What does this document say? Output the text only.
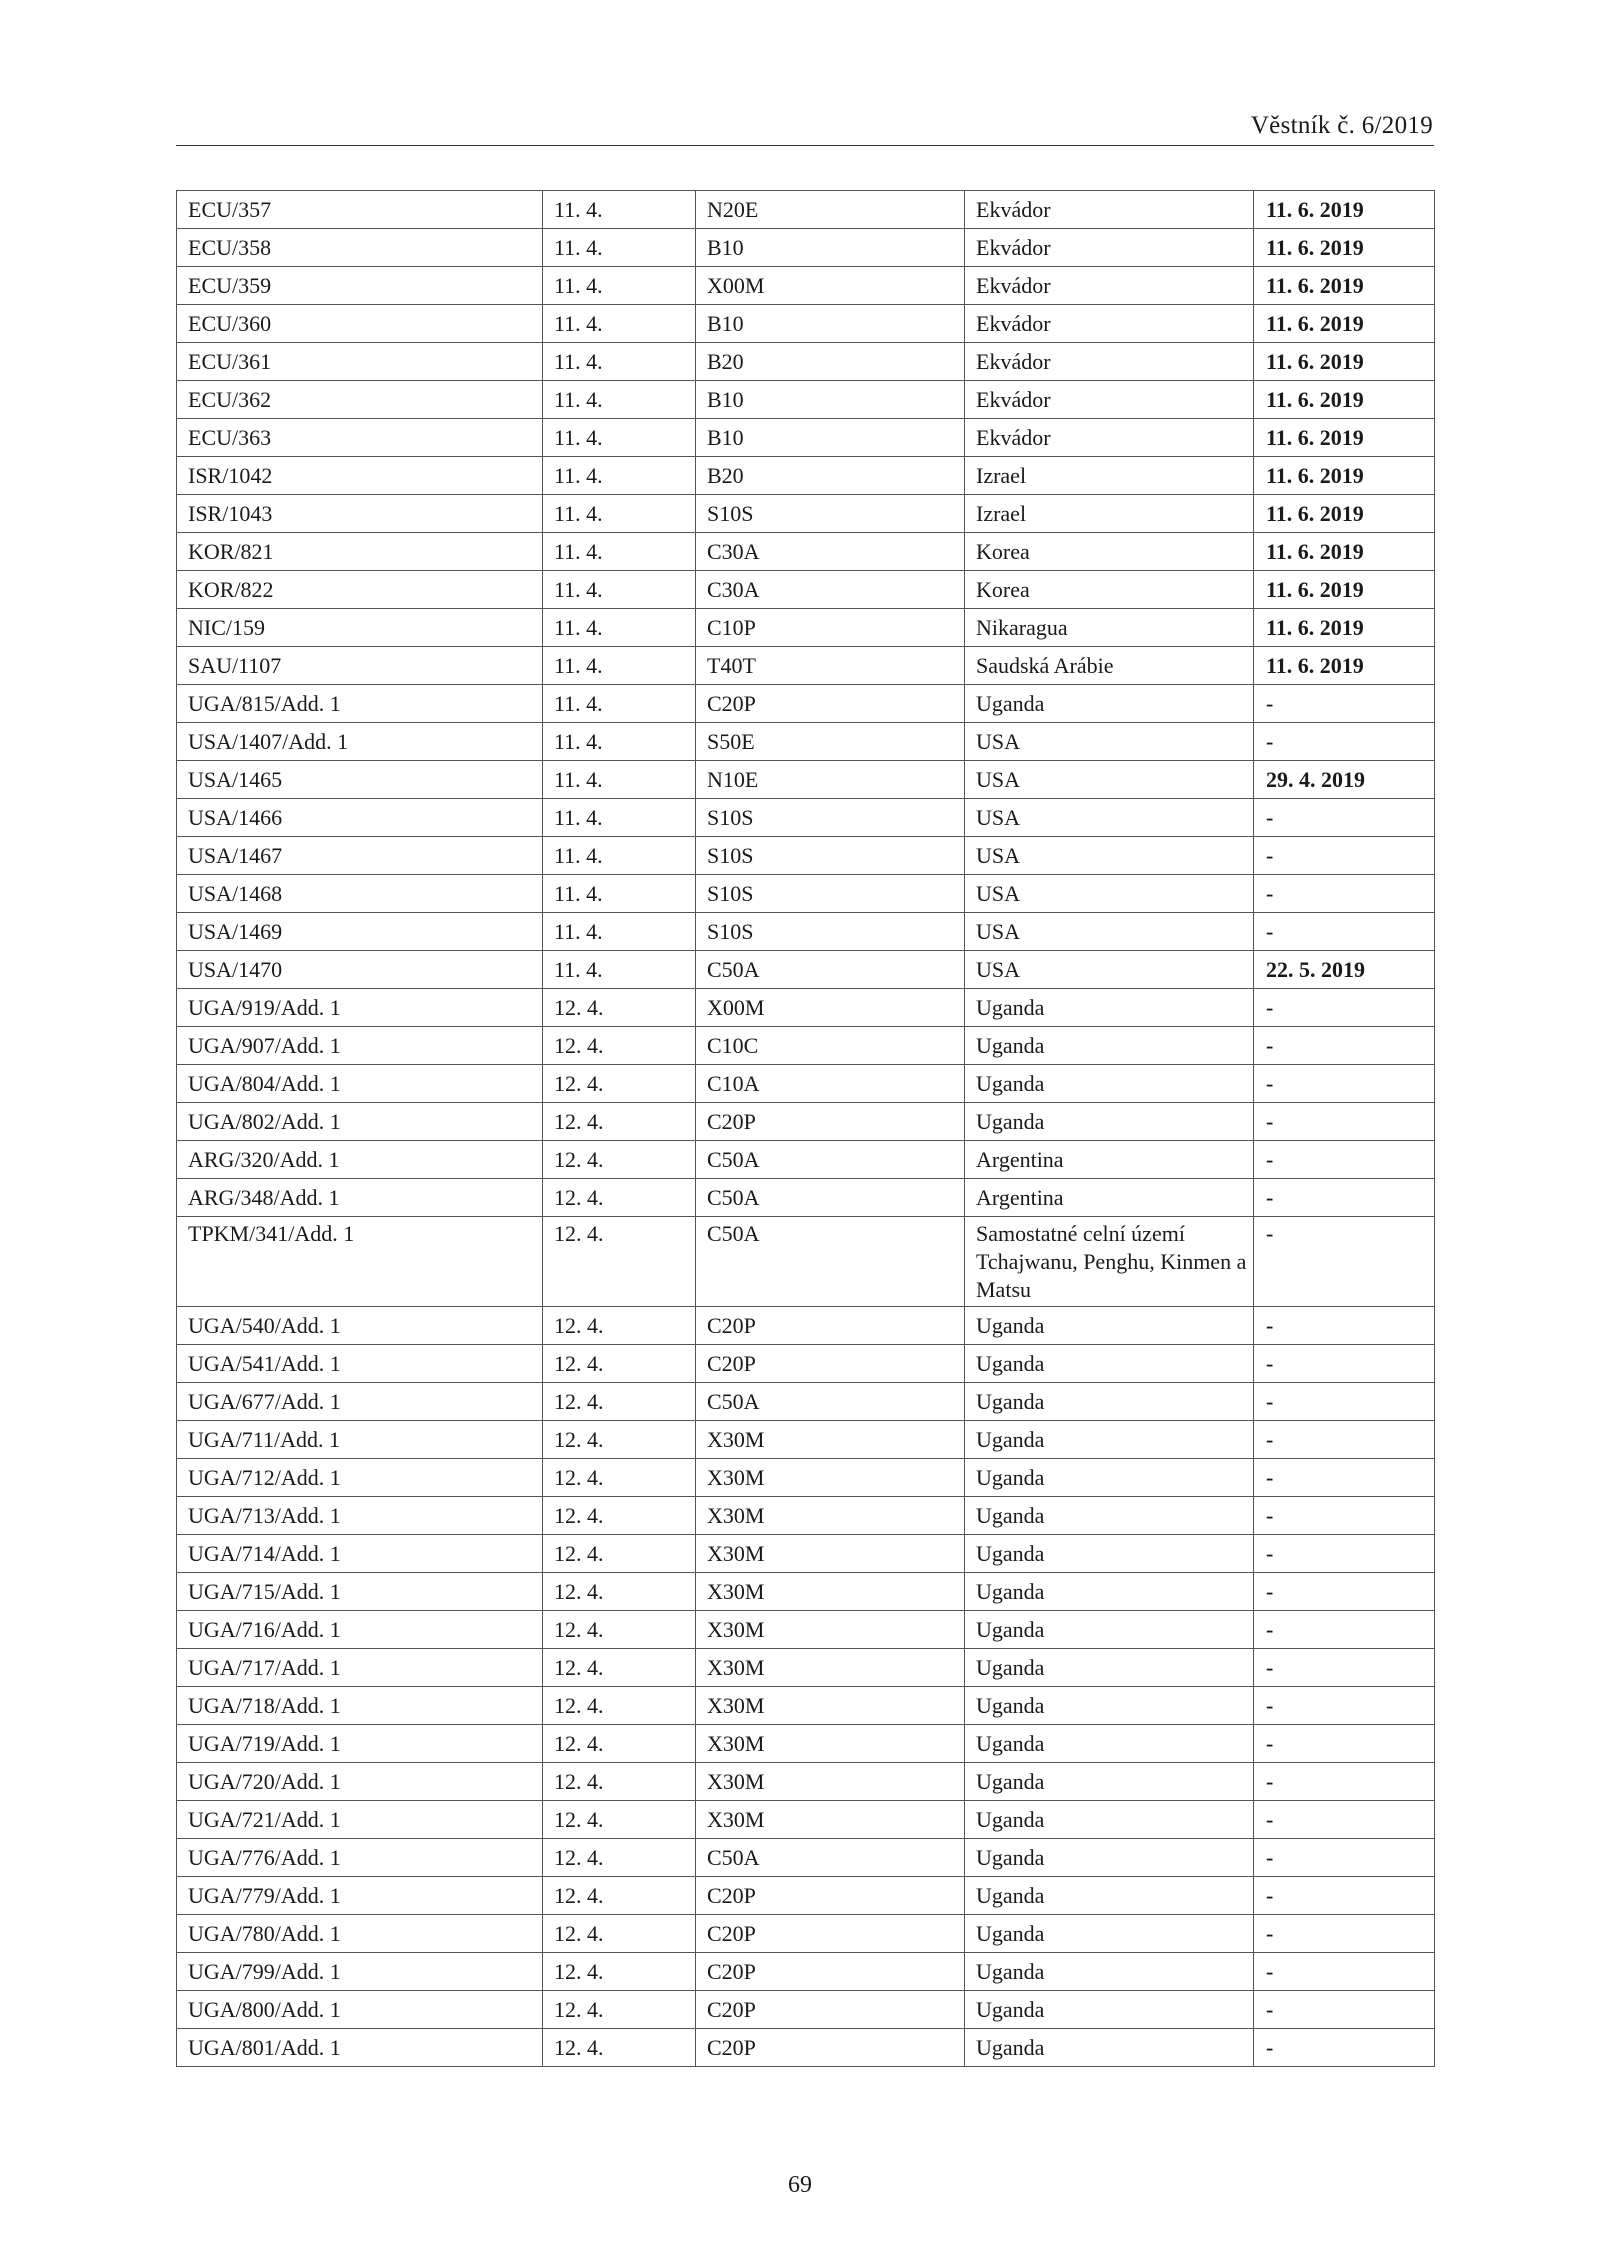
Věstník č. 6/2019
ECU/357	11. 4.	N20E	Ekvádor	11. 6. 2019
ECU/358	11. 4.	B10	Ekvádor	11. 6. 2019
ECU/359	11. 4.	X00M	Ekvádor	11. 6. 2019
ECU/360	11. 4.	B10	Ekvádor	11. 6. 2019
ECU/361	11. 4.	B20	Ekvádor	11. 6. 2019
ECU/362	11. 4.	B10	Ekvádor	11. 6. 2019
ECU/363	11. 4.	B10	Ekvádor	11. 6. 2019
ISR/1042	11. 4.	B20	Izrael	11. 6. 2019
ISR/1043	11. 4.	S10S	Izrael	11. 6. 2019
KOR/821	11. 4.	C30A	Korea	11. 6. 2019
KOR/822	11. 4.	C30A	Korea	11. 6. 2019
NIC/159	11. 4.	C10P	Nikaragua	11. 6. 2019
SAU/1107	11. 4.	T40T	Saudská Arábie	11. 6. 2019
UGA/815/Add. 1	11. 4.	C20P	Uganda	-
USA/1407/Add. 1	11. 4.	S50E	USA	-
USA/1465	11. 4.	N10E	USA	29. 4. 2019
USA/1466	11. 4.	S10S	USA	-
USA/1467	11. 4.	S10S	USA	-
USA/1468	11. 4.	S10S	USA	-
USA/1469	11. 4.	S10S	USA	-
USA/1470	11. 4.	C50A	USA	22. 5. 2019
UGA/919/Add. 1	12. 4.	X00M	Uganda	-
UGA/907/Add. 1	12. 4.	C10C	Uganda	-
UGA/804/Add. 1	12. 4.	C10A	Uganda	-
UGA/802/Add. 1	12. 4.	C20P	Uganda	-
ARG/320/Add. 1	12. 4.	C50A	Argentina	-
ARG/348/Add. 1	12. 4.	C50A	Argentina	-
TPKM/341/Add. 1	12. 4.	C50A	Samostatné celní území Tchajwanu, Penghu, Kinmen a Matsu	-
UGA/540/Add. 1	12. 4.	C20P	Uganda	-
UGA/541/Add. 1	12. 4.	C20P	Uganda	-
UGA/677/Add. 1	12. 4.	C50A	Uganda	-
UGA/711/Add. 1	12. 4.	X30M	Uganda	-
UGA/712/Add. 1	12. 4.	X30M	Uganda	-
UGA/713/Add. 1	12. 4.	X30M	Uganda	-
UGA/714/Add. 1	12. 4.	X30M	Uganda	-
UGA/715/Add. 1	12. 4.	X30M	Uganda	-
UGA/716/Add. 1	12. 4.	X30M	Uganda	-
UGA/717/Add. 1	12. 4.	X30M	Uganda	-
UGA/718/Add. 1	12. 4.	X30M	Uganda	-
UGA/719/Add. 1	12. 4.	X30M	Uganda	-
UGA/720/Add. 1	12. 4.	X30M	Uganda	-
UGA/721/Add. 1	12. 4.	X30M	Uganda	-
UGA/776/Add. 1	12. 4.	C50A	Uganda	-
UGA/779/Add. 1	12. 4.	C20P	Uganda	-
UGA/780/Add. 1	12. 4.	C20P	Uganda	-
UGA/799/Add. 1	12. 4.	C20P	Uganda	-
UGA/800/Add. 1	12. 4.	C20P	Uganda	-
UGA/801/Add. 1	12. 4.	C20P	Uganda	-
69
